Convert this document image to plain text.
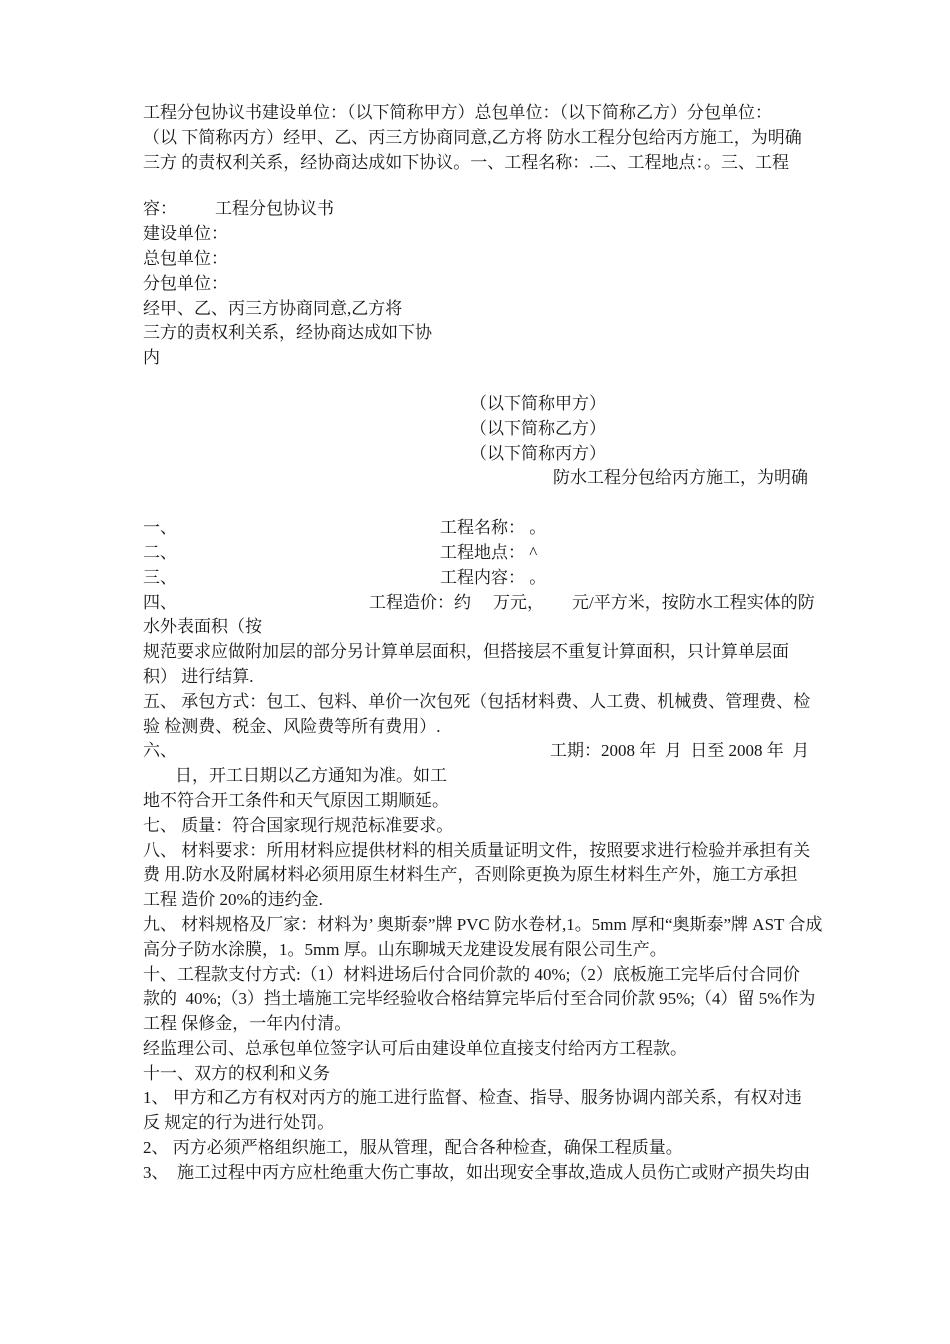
工程分包协议书建设单位：（以下简称甲方）总包单位：（以下简称乙方）分包单位：
（以 下简称丙方）经甲、乙、丙三方协商同意,乙方将 防水工程分包给丙方施工，为明确
三方 的责权利关系，经协商达成如下协议。一、工程名称：.二、工程地点：。三、工程
容： 工程分包协议书
建设单位：
总包单位：
分包单位：
经甲、乙、丙三方协商同意,乙方将
三方的责权利关系，经协商达成如下协
内
（以下简称甲方）
（以下简称乙方）
（以下简称丙方）
防水工程分包给丙方施工，为明确
一、	工程名称： 。
二、	工程地点： ^
三、	工程内容： 。
四、	工程造价：约 万元， 元/平方米，按防水工程实体的防
水外表面积（按
规范要求应做附加层的部分另计算单层面积，但搭接层不重复计算面积，只计算单层面
积） 进行结算.
五、 承包方式：包工、包料、单价一次包死（包括材料费、人工费、机械费、管理费、检
验 检测费、税金、风险费等所有费用）.
六、	工期：2008 年  月  日至 2008 年  月
日，开工日期以乙方通知为准。如工
地不符合开工条件和天气原因工期顺延。
七、 质量：符合国家现行规范标准要求。
八、 材料要求：所用材料应提供材料的相关质量证明文件，按照要求进行检验并承担有关
费 用.防水及附属材料必须用原生材料生产，否则除更换为原生材料生产外，施工方承担
工程 造价 20%的违约金.
九、 材料规格及厂家：材料为’ 奥斯泰”牌 PVC 防水卷材,1。5mm 厚和“奥斯泰”牌 AST 合成
高分子防水涂膜，1。5mm 厚。山东聊城天龙建设发展有限公司生产。
十、工程款支付方式:（1）材料进场后付合同价款的 40%;（2）底板施工完毕后付合同价
款的  40%;（3）挡土墙施工完毕经验收合格结算完毕后付至合同价款 95%;（4）留 5%作为
工程 保修金，一年内付清。
经监理公司、总承包单位签字认可后由建设单位直接支付给丙方工程款。
十一、双方的权利和义务
1、 甲方和乙方有权对丙方的施工进行监督、检查、指导、服务协调内部关系，有权对违
反 规定的行为进行处罚。
2、 丙方必须严格组织施工，服从管理，配合各种检查，确保工程质量。
3、  施工过程中丙方应杜绝重大伤亡事故，如出现安全事故,造成人员伤亡或财产损失均由
